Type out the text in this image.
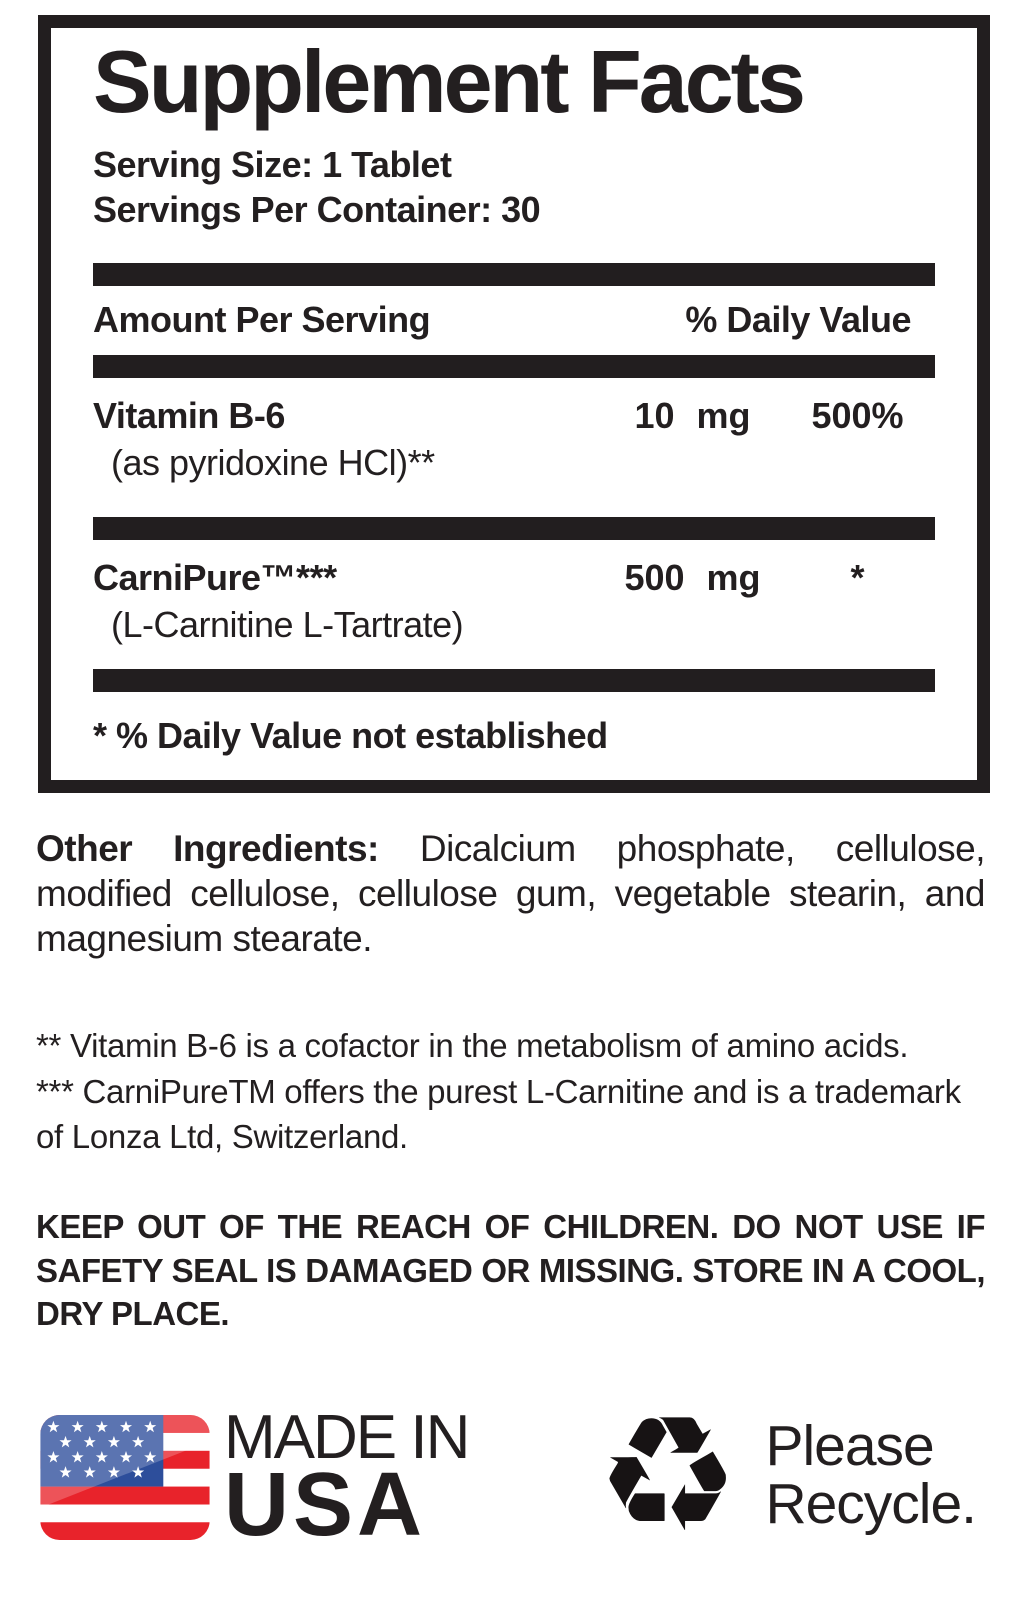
Supplement Facts
Serving Size: 1 Tablet
Servings Per Container: 30
Amount Per Serving	% Daily Value
Vitamin B-6	10 mg	500%
(as pyridoxine HCl)**
CarniPure™***	500 mg	*
(L-Carnitine L-Tartrate)
* % Daily Value not established

Other Ingredients: Dicalcium phosphate, cellulose, modified cellulose, cellulose gum, vegetable stearin, and magnesium stearate.

** Vitamin B-6 is a cofactor in the metabolism of amino acids.
*** CarniPureTM offers the purest L-Carnitine and is a trademark of Lonza Ltd, Switzerland.

KEEP OUT OF THE REACH OF CHILDREN. DO NOT USE IF SAFETY SEAL IS DAMAGED OR MISSING. STORE IN A COOL, DRY PLACE.

MADE IN
USA ♻ Please
Recycle.
